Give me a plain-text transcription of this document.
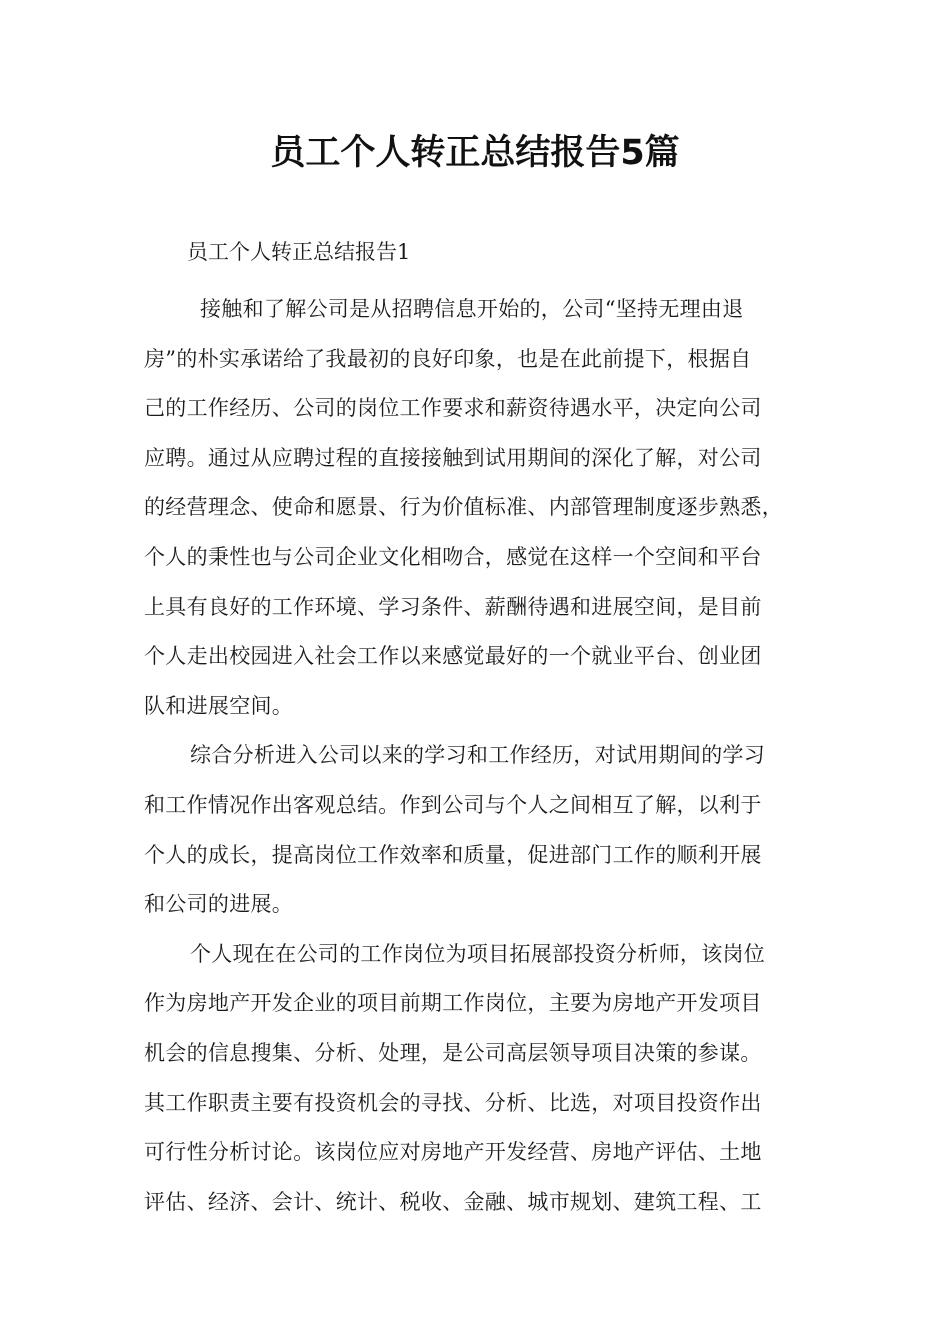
员工个人转正总结报告5篇

员工个人转正总结报告1

接触和了解公司是从招聘信息开始的，公司“坚持无理由退
房”的朴实承诺给了我最初的良好印象，也是在此前提下，根据自
己的工作经历、公司的岗位工作要求和薪资待遇水平，决定向公司
应聘。通过从应聘过程的直接接触到试用期间的深化了解，对公司
的经营理念、使命和愿景、行为价值标准、内部管理制度逐步熟悉，
个人的秉性也与公司企业文化相吻合，感觉在这样一个空间和平台
上具有良好的工作环境、学习条件、薪酬待遇和进展空间，是目前
个人走出校园进入社会工作以来感觉最好的一个就业平台、创业团
队和进展空间。

综合分析进入公司以来的学习和工作经历，对试用期间的学习
和工作情况作出客观总结。作到公司与个人之间相互了解，以利于
个人的成长，提高岗位工作效率和质量，促进部门工作的顺利开展
和公司的进展。

个人现在在公司的工作岗位为项目拓展部投资分析师，该岗位
作为房地产开发企业的项目前期工作岗位，主要为房地产开发项目
机会的信息搜集、分析、处理，是公司高层领导项目决策的参谋。
其工作职责主要有投资机会的寻找、分析、比选，对项目投资作出
可行性分析讨论。该岗位应对房地产开发经营、房地产评估、土地
评估、经济、会计、统计、税收、金融、城市规划、建筑工程、工
